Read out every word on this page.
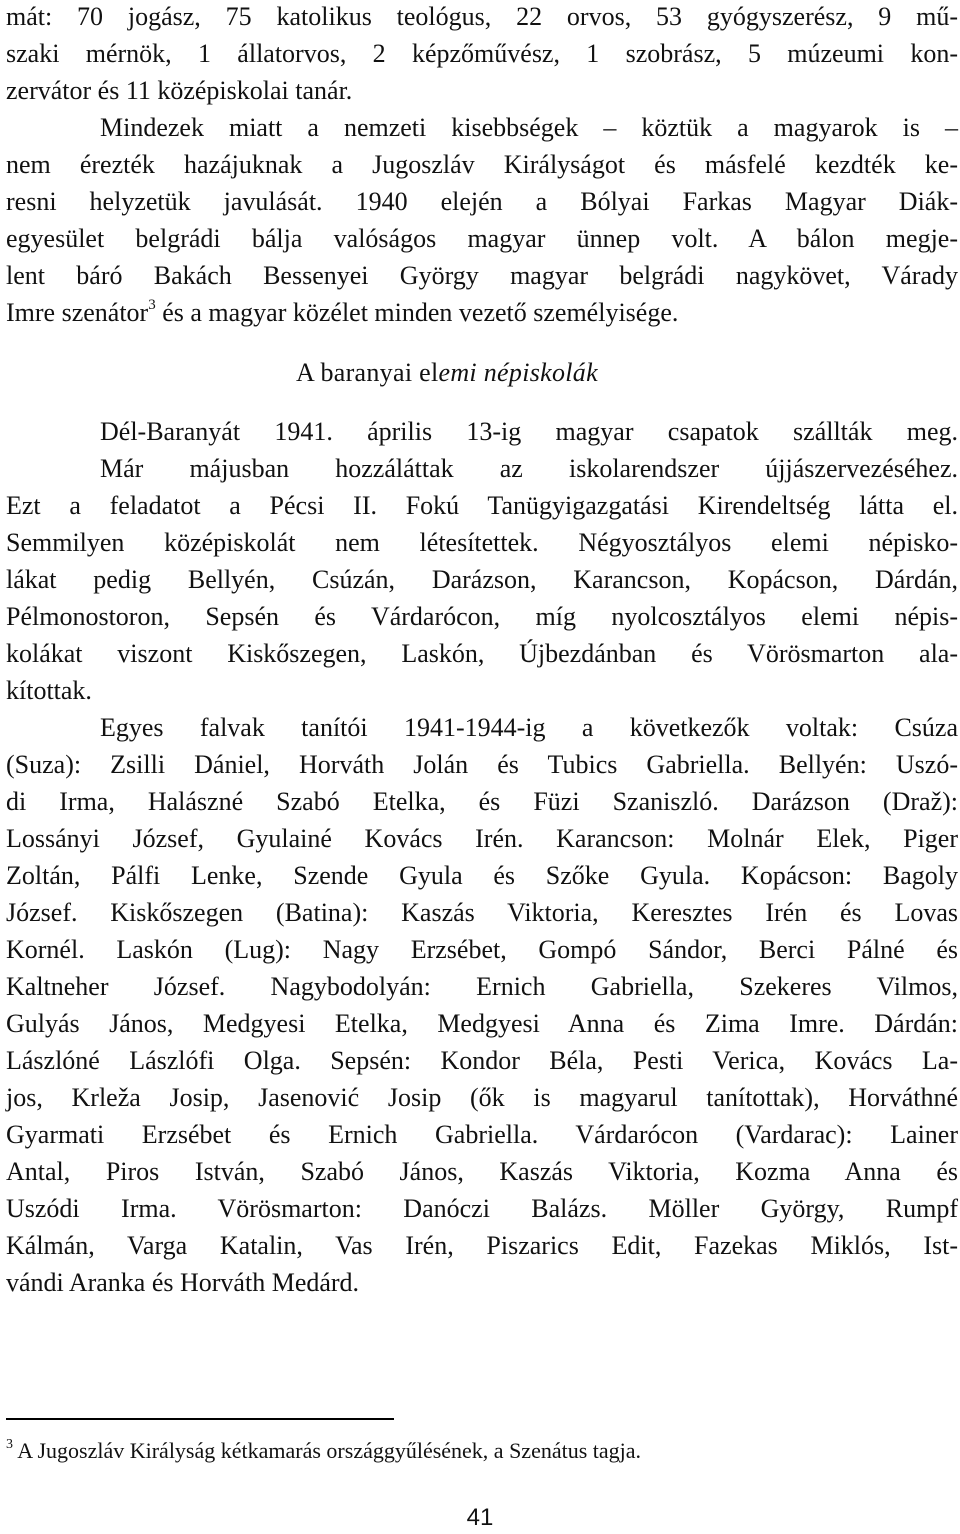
mát: 70 jogász, 75 katolikus teológus, 22 orvos, 53 gyógyszerész, 9 mű-
szaki mérnök, 1 állatorvos, 2 képzőművész, 1 szobrász, 5 múzeumi kon-
zervátor és 11 középiskolai tanár.
Mindezek miatt a nemzeti kisebbségek – köztük a magyarok is –
nem érezték hazájuknak a Jugoszláv Királyságot és másfelé kezdték ke-
resni helyzetük javulását. 1940 elején a Bólyai Farkas Magyar Diák-
egyesület belgrádi bálja valóságos magyar ünnep volt. A bálon megje-
lent báró Bakách Bessenyei György magyar belgrádi nagykövet, Várady
Imre szenátor$^3$ és a magyar közélet minden vezető személyisége.
A baranyai elemi népiskolák
Dél-Baranyát 1941. április 13-ig magyar csapatok szállták meg.
Már májusban hozzáláttak az iskolarendszer újjászervezéséhez.
Ezt a feladatot a Pécsi II. Fokú Tanügyigazgatási Kirendeltség látta el.
Semmilyen középiskolát nem létesítettek. Négyosztályos elemi népisko-
lákat pedig Bellyén, Csúzán, Darázson, Karancson, Kopácson, Dárdán,
Pélmonostoron, Sepsén és Várdarócon, míg nyolcosztályos elemi népis-
kolákat viszont Kiskőszegen, Laskón, Újbezdánban és Vörösmarton ala-
kítottak.
Egyes falvak tanítói 1941-1944-ig a következők voltak: Csúza
(Suza): Zsilli Dániel, Horváth Jolán és Tubics Gabriella. Bellyén: Uszó-
di Irma, Halászné Szabó Etelka, és Füzi Szaniszló. Darázson (Draž):
Lossányi József, Gyulainé Kovács Irén. Karancson: Molnár Elek, Piger
Zoltán, Pálfi Lenke, Szende Gyula és Szőke Gyula. Kopácson: Bagoly
József. Kiskőszegen (Batina): Kaszás Viktoria, Keresztes Irén és Lovas
Kornél. Laskón (Lug): Nagy Erzsébet, Gompó Sándor, Berci Pálné és
Kaltneher József. Nagybodolyán: Ernich Gabriella, Szekeres Vilmos,
Gulyás János, Medgyesi Etelka, Medgyesi Anna és Zima Imre. Dárdán:
Lászlóné Lászlófi Olga. Sepsén: Kondor Béla, Pesti Verica, Kovács La-
jos, Krleža Josip, Jasenović Josip (ők is magyarul tanítottak), Horváthné
Gyarmati Erzsébet és Ernich Gabriella. Várdarócon (Vardarac): Lainer
Antal, Piros István, Szabó János, Kaszás Viktoria, Kozma Anna és
Uszódi Irma. Vörösmarton: Danóczi Balázs. Möller György, Rumpf
Kálmán, Varga Katalin, Vas Irén, Piszarics Edit, Fazekas Miklós, Ist-
vándi Aranka és Horváth Medárd.
$^3$ A Jugoszláv Királyság kétkamarás országgyűlésének, a Szenátus tagja.
41
